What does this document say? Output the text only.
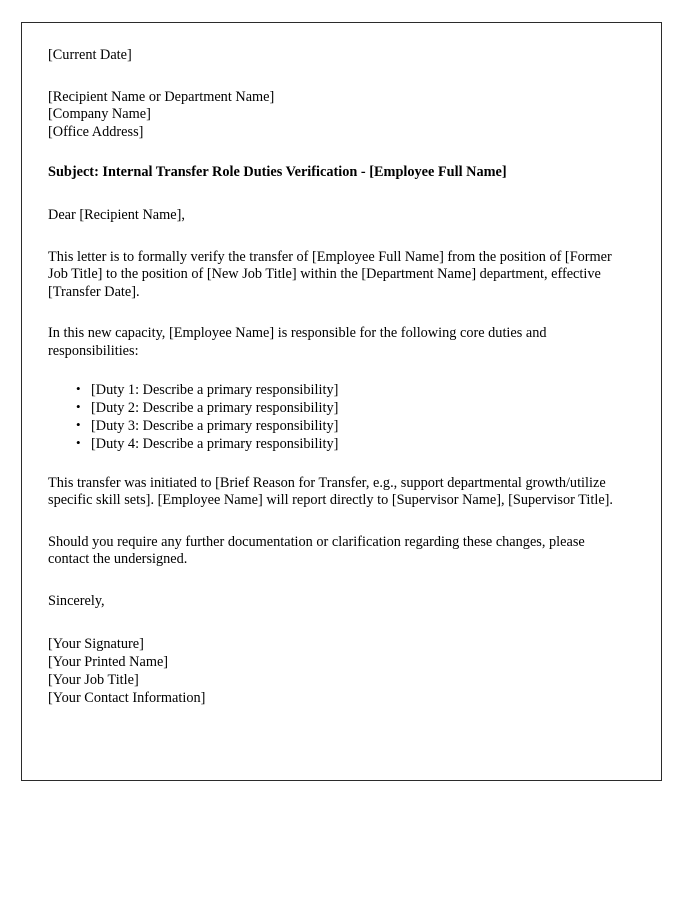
[Current Date]

[Recipient Name or Department Name]
[Company Name]
[Office Address]

Subject: Internal Transfer Role Duties Verification - [Employee Full Name]

Dear [Recipient Name],

This letter is to formally verify the transfer of [Employee Full Name] from the position of [Former Job Title] to the position of [New Job Title] within the [Department Name] department, effective [Transfer Date].

In this new capacity, [Employee Name] is responsible for the following core duties and responsibilities:

• [Duty 1: Describe a primary responsibility]
• [Duty 2: Describe a primary responsibility]
• [Duty 3: Describe a primary responsibility]
• [Duty 4: Describe a primary responsibility]

This transfer was initiated to [Brief Reason for Transfer, e.g., support departmental growth/utilize specific skill sets]. [Employee Name] will report directly to [Supervisor Name], [Supervisor Title].

Should you require any further documentation or clarification regarding these changes, please contact the undersigned.

Sincerely,

[Your Signature]
[Your Printed Name]
[Your Job Title]
[Your Contact Information]
